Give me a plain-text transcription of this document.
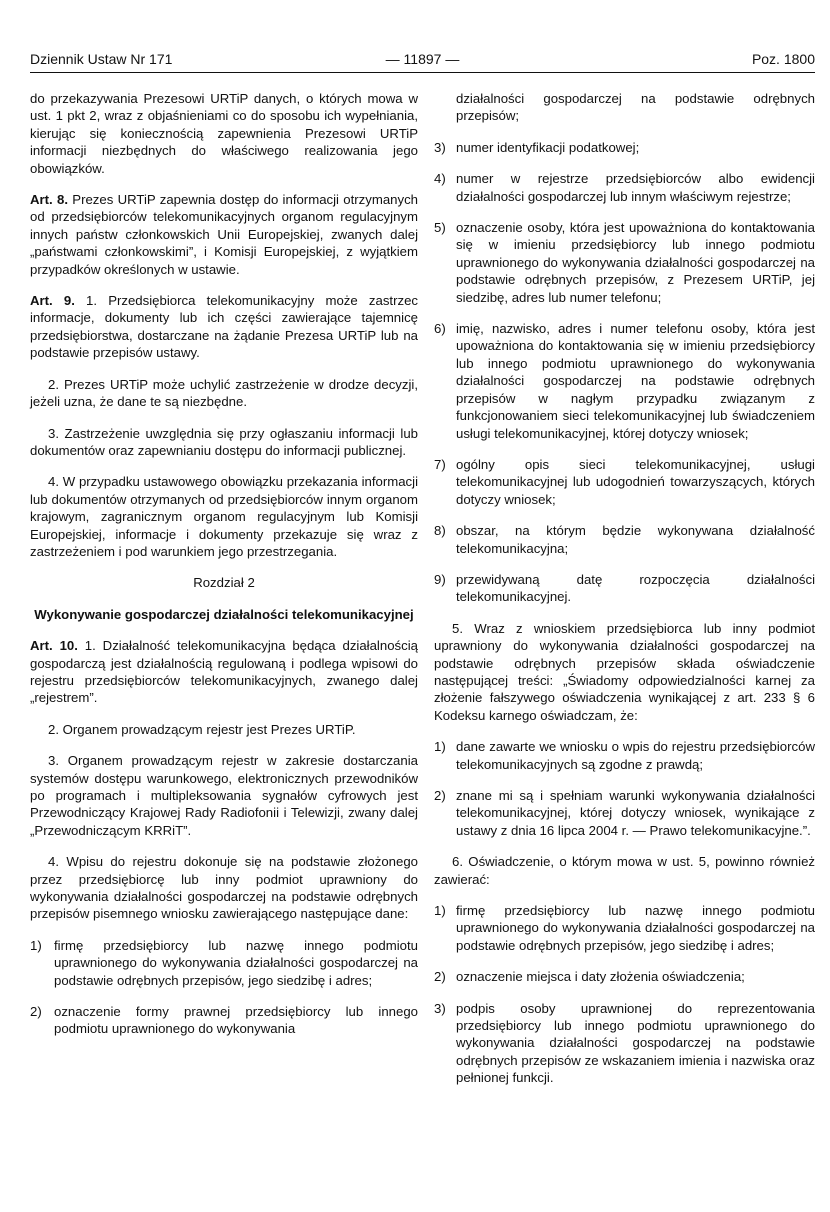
— 11897 —
Dziennik Ustaw Nr 171	Poz. 1800

do przekazywania Prezesowi URTiP danych, o których mowa w ust. 1 pkt 2, wraz z objaśnieniami co do sposobu ich wypełniania, kierując się koniecznością zapewnienia Prezesowi URTiP informacji niezbędnych do właściwego realizowania jego obowiązków.

Art. 8. Prezes URTiP zapewnia dostęp do informacji otrzymanych od przedsiębiorców telekomunikacyjnych organom regulacyjnym innych państw członkowskich Unii Europejskiej, zwanych dalej „państwami członkowskimi”, i Komisji Europejskiej, z wyjątkiem przypadków określonych w ustawie.

Art. 9. 1. Przedsiębiorca telekomunikacyjny może zastrzec informacje, dokumenty lub ich części zawierające tajemnicę przedsiębiorstwa, dostarczane na żądanie Prezesa URTiP lub na podstawie przepisów ustawy.

2. Prezes URTiP może uchylić zastrzeżenie w drodze decyzji, jeżeli uzna, że dane te są niezbędne.

3. Zastrzeżenie uwzględnia się przy ogłaszaniu informacji lub dokumentów oraz zapewnianiu dostępu do informacji publicznej.

4. W przypadku ustawowego obowiązku przekazania informacji lub dokumentów otrzymanych od przedsiębiorców innym organom krajowym, zagranicznym organom regulacyjnym lub Komisji Europejskiej, informacje i dokumenty przekazuje się wraz z zastrzeżeniem i pod warunkiem jego przestrzegania.

Rozdział 2

Wykonywanie gospodarczej działalności telekomunikacyjnej

Art. 10. 1. Działalność telekomunikacyjna będąca działalnością gospodarczą jest działalnością regulowaną i podlega wpisowi do rejestru przedsiębiorców telekomunikacyjnych, zwanego dalej „rejestrem”.

2. Organem prowadzącym rejestr jest Prezes URTiP.

3. Organem prowadzącym rejestr w zakresie dostarczania systemów dostępu warunkowego, elektronicznych przewodników po programach i multipleksowania sygnałów cyfrowych jest Przewodniczący Krajowej Rady Radiofonii i Telewizji, zwany dalej „Przewodniczącym KRRiT”.

4. Wpisu do rejestru dokonuje się na podstawie złożonego przez przedsiębiorcę lub inny podmiot uprawniony do wykonywania działalności gospodarczej na podstawie odrębnych przepisów pisemnego wniosku zawierającego następujące dane:

1) firmę przedsiębiorcy lub nazwę innego podmiotu uprawnionego do wykonywania działalności gospodarczej na podstawie odrębnych przepisów, jego siedzibę i adres;
2) oznaczenie formy prawnej przedsiębiorcy lub innego podmiotu uprawnionego do wykonywania
działalności gospodarczej na podstawie odrębnych przepisów;
3) numer identyfikacji podatkowej;
4) numer w rejestrze przedsiębiorców albo ewidencji działalności gospodarczej lub innym właściwym rejestrze;
5) oznaczenie osoby, która jest upoważniona do kontaktowania się w imieniu przedsiębiorcy lub innego podmiotu uprawnionego do wykonywania działalności gospodarczej na podstawie odrębnych przepisów, z Prezesem URTiP, jej siedzibę, adres lub numer telefonu;
6) imię, nazwisko, adres i numer telefonu osoby, która jest upoważniona do kontaktowania się w imieniu przedsiębiorcy lub innego podmiotu uprawnionego do wykonywania działalności gospodarczej na podstawie odrębnych przepisów w nagłym przypadku związanym z funkcjonowaniem sieci telekomunikacyjnej lub świadczeniem usługi telekomunikacyjnej, której dotyczy wniosek;
7) ogólny opis sieci telekomunikacyjnej, usługi telekomunikacyjnej lub udogodnień towarzyszących, których dotyczy wniosek;
8) obszar, na którym będzie wykonywana działalność telekomunikacyjna;
9) przewidywaną datę rozpoczęcia działalności telekomunikacyjnej.

5. Wraz z wnioskiem przedsiębiorca lub inny podmiot uprawniony do wykonywania działalności gospodarczej na podstawie odrębnych przepisów składa oświadczenie następującej treści: „Świadomy odpowiedzialności karnej za złożenie fałszywego oświadczenia wynikającej z art. 233 § 6 Kodeksu karnego oświadczam, że:

1) dane zawarte we wniosku o wpis do rejestru przedsiębiorców telekomunikacyjnych są zgodne z prawdą;
2) znane mi są i spełniam warunki wykonywania działalności telekomunikacyjnej, której dotyczy wniosek, wynikające z ustawy z dnia 16 lipca 2004 r. — Prawo telekomunikacyjne.”.

6. Oświadczenie, o którym mowa w ust. 5, powinno również zawierać:

1) firmę przedsiębiorcy lub nazwę innego podmiotu uprawnionego do wykonywania działalności gospodarczej na podstawie odrębnych przepisów, jego siedzibę i adres;
2) oznaczenie miejsca i daty złożenia oświadczenia;
3) podpis osoby uprawnionej do reprezentowania przedsiębiorcy lub innego podmiotu uprawnionego do wykonywania działalności gospodarczej na podstawie odrębnych przepisów ze wskazaniem imienia i nazwiska oraz pełnionej funkcji.
